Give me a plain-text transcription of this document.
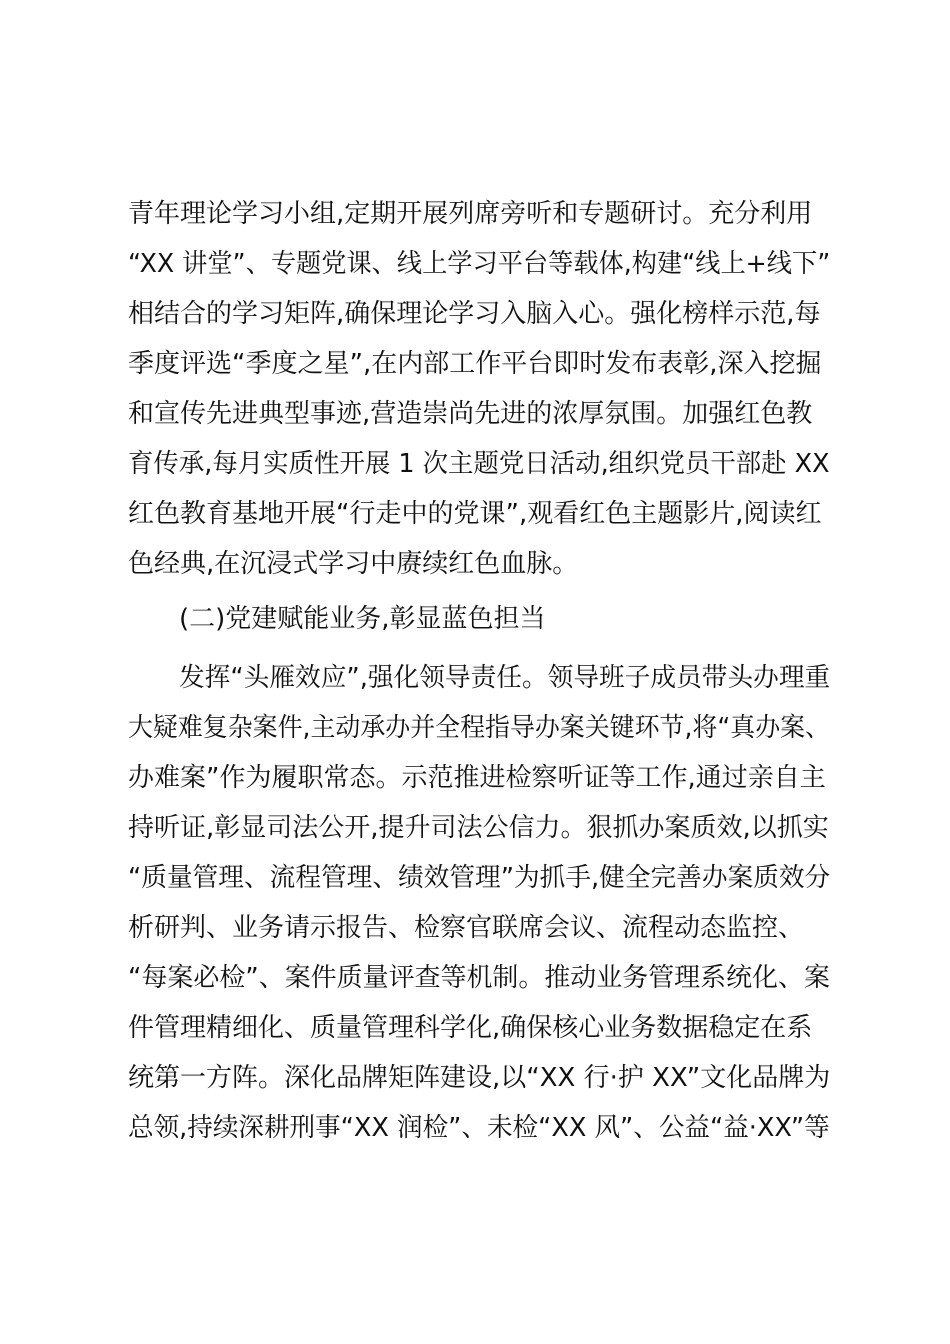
青年理论学习小组,定期开展列席旁听和专题研讨。充分利用
“XX 讲堂”、专题党课、线上学习平台等载体,构建“线上+线下”
相结合的学习矩阵,确保理论学习入脑入心。强化榜样示范,每
季度评选“季度之星”,在内部工作平台即时发布表彰,深入挖掘
和宣传先进典型事迹,营造崇尚先进的浓厚氛围。加强红色教
育传承,每月实质性开展 1 次主题党日活动,组织党员干部赴 XX
红色教育基地开展“行走中的党课”,观看红色主题影片,阅读红
色经典,在沉浸式学习中赓续红色血脉。
(二)党建赋能业务,彰显蓝色担当
发挥“头雁效应”,强化领导责任。领导班子成员带头办理重
大疑难复杂案件,主动承办并全程指导办案关键环节,将“真办案、
办难案”作为履职常态。示范推进检察听证等工作,通过亲自主
持听证,彰显司法公开,提升司法公信力。狠抓办案质效,以抓实
“质量管理、流程管理、绩效管理”为抓手,健全完善办案质效分
析研判、业务请示报告、检察官联席会议、流程动态监控、
“每案必检”、案件质量评查等机制。推动业务管理系统化、案
件管理精细化、质量管理科学化,确保核心业务数据稳定在系
统第一方阵。深化品牌矩阵建设,以“XX 行·护 XX”文化品牌为
总领,持续深耕刑事“XX 润检”、未检“XX 风”、公益“益·XX”等
